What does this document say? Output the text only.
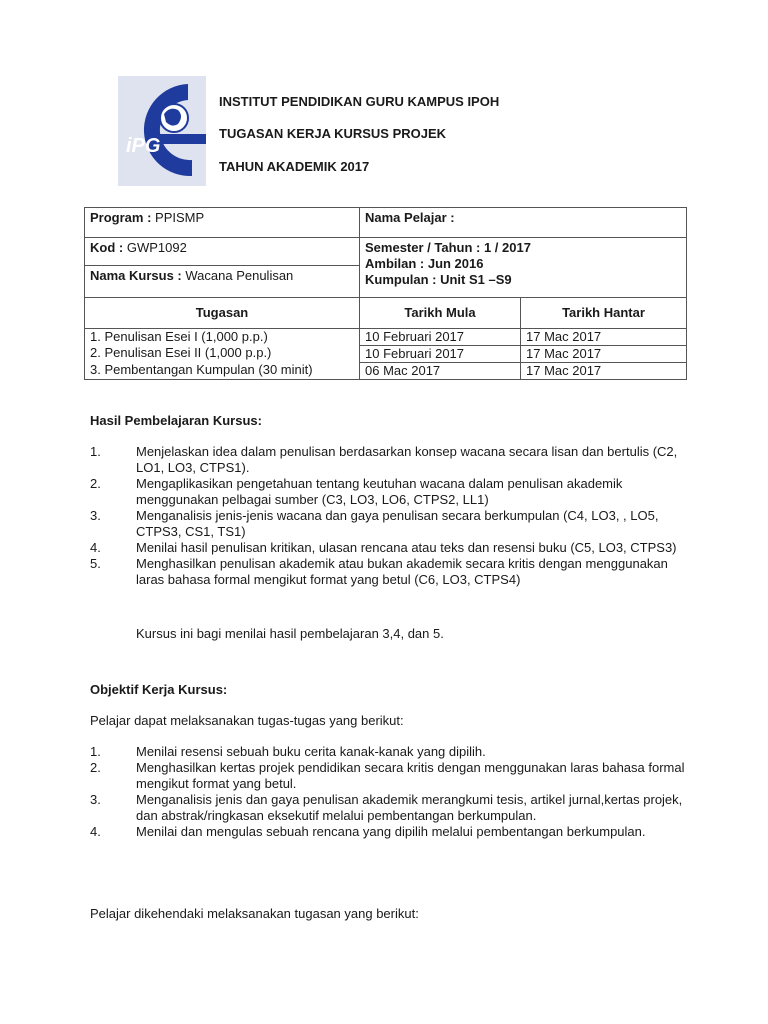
iPG
INSTITUT PENDIDIKAN GURU KAMPUS IPOH
TUGASAN KERJA KURSUS PROJEK
TAHUN AKADEMIK 2017
Program : PPISMP	Nama Pelajar :
Kod : GWP1092	Semester / Tahun : 1 / 2017
Ambilan : Jun 2016
Kumpulan : Unit S1 –S9

Nama Kursus : Wacana Penulisan	
Tugasan	Tarikh Mula	Tarikh Hantar
1. Penulisan Esei I (1,000 p.p.)	10 Februari 2017	17 Mac 2017
2. Penulisan Esei II (1,000 p.p.)	10 Februari 2017	17 Mac 2017
3. Pembentangan Kumpulan (30 minit)	06 Mac 2017	17 Mac 2017
Hasil Pembelajaran Kursus:
1.	Menjelaskan idea dalam penulisan berdasarkan konsep wacana secara lisan dan bertulis (C2, LO1, LO3, CTPS1).
2.	Mengaplikasikan pengetahuan tentang keutuhan wacana dalam penulisan akademik menggunakan pelbagai sumber (C3, LO3, LO6, CTPS2, LL1)
3.	Menganalisis jenis-jenis wacana dan gaya penulisan secara berkumpulan (C4, LO3, , LO5, CTPS3, CS1, TS1)
4.	Menilai hasil penulisan kritikan, ulasan rencana atau teks dan resensi buku (C5, LO3, CTPS3)
5.	Menghasilkan penulisan akademik atau bukan akademik secara kritis dengan menggunakan laras bahasa formal mengikut format yang betul (C6, LO3, CTPS4)
Kursus ini bagi menilai hasil pembelajaran 3,4, dan 5.
Objektif Kerja Kursus:
Pelajar dapat melaksanakan tugas-tugas yang berikut:
1.	Menilai resensi sebuah buku cerita kanak-kanak yang dipilih.
2.	Menghasilkan kertas projek pendidikan secara kritis dengan menggunakan laras bahasa formal mengikut format yang betul.
3.	Menganalisis jenis dan gaya penulisan akademik merangkumi tesis, artikel jurnal,kertas projek, dan abstrak/ringkasan eksekutif melalui pembentangan berkumpulan.
4.	Menilai dan mengulas sebuah rencana yang dipilih melalui pembentangan berkumpulan.
Pelajar dikehendaki melaksanakan tugasan yang berikut:
